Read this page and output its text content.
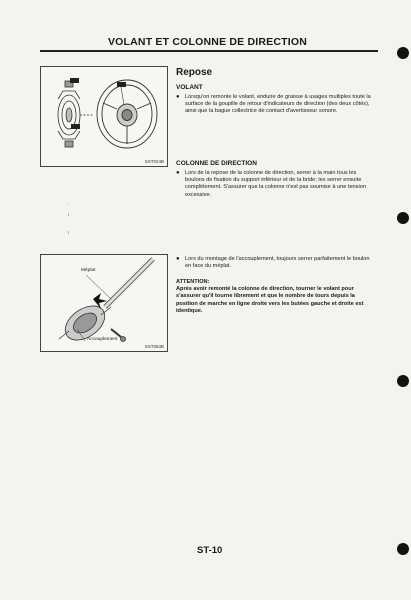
VOLANT ET COLONNE DE DIRECTION
SST024B
Méplat
Accouplement
SST053B
·
ı
ı
Repose
VOLANT
● Lorsqu'on remonte le volant, enduire de graisse à usages multiples toute la surface de la goupille de retour d'indicateurs de direction (des deux côtés), ainsi que la bague collectrice de contact d'avertisseur sonore.
COLONNE DE DIRECTION
● Lors de la repose de la colonne de direction, serrer à la main tous les boulons de fixation du support inférieur et de la bride; les serrer ensuite complètement. S'assurer que la colonne n'est pas soumise à une tension excessive.
● Lors du montage de l'accouplement, toujours serrer parfaitement le boulon en face du méplat.
ATTENTION:
Après avoir remonté la colonne de direction, tourner le volant pour s'assurer qu'il tourne librement et que le nombre de tours depuis la position de marche en ligne droite vers les butées gauche et droite est identique.
ST-10
